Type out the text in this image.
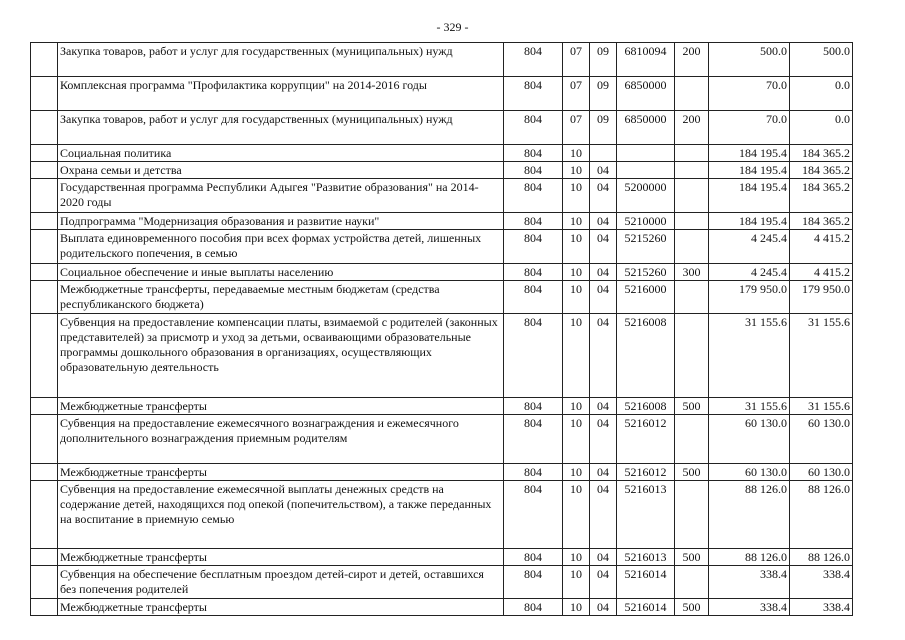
- 329 -
	Закупка товаров, работ и услуг для государственных (муниципальных) нужд	804	07	09	6810094	200	500.0	500.0
	Комплексная программа "Профилактика коррупции" на 2014-2016 годы	804	07	09	6850000		70.0	0.0
	Закупка товаров, работ и услуг для государственных (муниципальных) нужд	804	07	09	6850000	200	70.0	0.0
	Социальная политика	804	10				184 195.4	184 365.2
	Охрана семьи и детства	804	10	04			184 195.4	184 365.2
	Государственная программа Республики Адыгея "Развитие образования" на 2014-2020 годы	804	10	04	5200000		184 195.4	184 365.2
	Подпрограмма "Модернизация образования и развитие науки"	804	10	04	5210000		184 195.4	184 365.2
	Выплата единовременного пособия при всех формах устройства детей, лишенных родительского попечения, в семью	804	10	04	5215260		4 245.4	4 415.2
	Социальное обеспечение и иные выплаты населению	804	10	04	5215260	300	4 245.4	4 415.2
	Межбюджетные трансферты, передаваемые местным бюджетам (средства республиканского бюджета)	804	10	04	5216000		179 950.0	179 950.0
	Субвенция на предоставление компенсации платы, взимаемой с родителей (законных представителей) за присмотр и уход за детьми, осваивающими образовательные программы дошкольного образования в организациях, осуществляющих образовательную деятельность	804	10	04	5216008		31 155.6	31 155.6
	Межбюджетные трансферты	804	10	04	5216008	500	31 155.6	31 155.6
	Субвенция на предоставление ежемесячного вознаграждения и ежемесячного дополнительного вознаграждения приемным родителям	804	10	04	5216012		60 130.0	60 130.0
	Межбюджетные трансферты	804	10	04	5216012	500	60 130.0	60 130.0
	Субвенция на предоставление ежемесячной выплаты денежных средств на содержание детей, находящихся под опекой (попечительством), а также переданных на воспитание в приемную семью	804	10	04	5216013		88 126.0	88 126.0
	Межбюджетные трансферты	804	10	04	5216013	500	88 126.0	88 126.0
	Субвенция на обеспечение бесплатным проездом детей-сирот и детей, оставшихся без попечения родителей	804	10	04	5216014		338.4	338.4
	Межбюджетные трансферты	804	10	04	5216014	500	338.4	338.4
